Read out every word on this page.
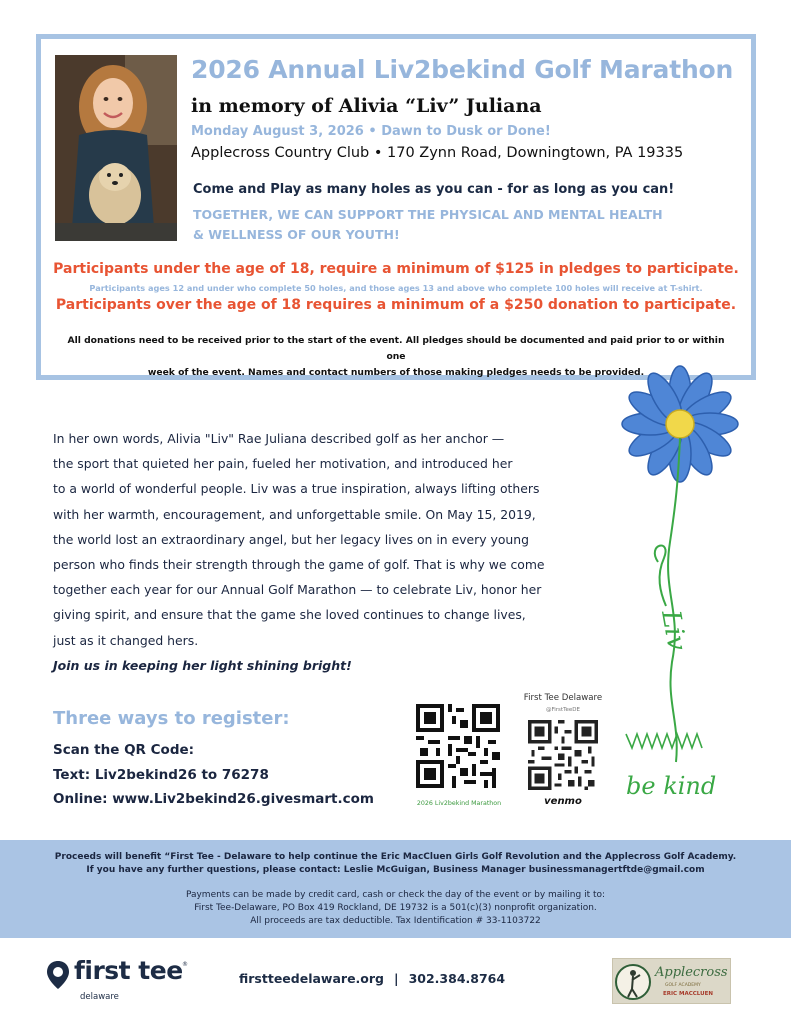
2026 Annual Liv2bekind Golf Marathon
in memory of Alivia “Liv” Juliana
Monday August 3, 2026 • Dawn to Dusk or Done!
Applecross Country Club • 170 Zynn Road, Downingtown, PA 19335
Come and Play as many holes as you can - for as long as you can!
TOGETHER, WE CAN SUPPORT THE PHYSICAL AND MENTAL HEALTH
& WELLNESS OF OUR YOUTH!
Participants under the age of 18, require a minimum of $125 in pledges to participate.
Participants ages 12 and under who complete 50 holes, and those ages 13 and above who complete 100 holes will receive at T-shirt.
Participants over the age of 18 requires a minimum of a $250 donation to participate.
All donations need to be received prior to the start of the event. All pledges should be documented and paid prior to or within one
week of the event. Names and contact numbers of those making pledges needs to be provided.
In her own words, Alivia "Liv" Rae Juliana described golf as her anchor —
the sport that quieted her pain, fueled her motivation, and introduced her
to a world of wonderful people. Liv was a true inspiration, always lifting others
with her warmth, encouragement, and unforgettable smile. On May 15, 2019,
the world lost an extraordinary angel, but her legacy lives on in every young
person who finds their strength through the game of golf. That is why we come
together each year for our Annual Golf Marathon — to celebrate Liv, honor her
giving spirit, and ensure that the game she loved continues to change lives,
just as it changed hers.
Join us in keeping her light shining bright!
Liv
be kind
Three ways to register:
Scan the QR Code:
Text: Liv2bekind26 to 76278
Online: www.Liv2bekind26.givesmart.com	2026 Liv2bekind Marathon
First Tee Delaware
@FirstTeeDE
venmo
Proceeds will benefit “First Tee - Delaware to help continue the Eric MacCluen Girls Golf Revolution and the Applecross Golf Academy.
If you have any further questions, please contact: Leslie McGuigan, Business Manager businessmanagertftde@gmail.com
Payments can be made by credit card, cash or check the day of the event or by mailing it to:
First Tee-Delaware, PO Box 419 Rockland, DE 19732 is a 501(c)(3) nonprofit organization.
All proceeds are tax deductible. Tax Identification # 33-1103722
first tee ®
delaware
firstteedelaware.org | 302.384.8764	Applecross
GOLF ACADEMY
ERIC MACCLUEN
